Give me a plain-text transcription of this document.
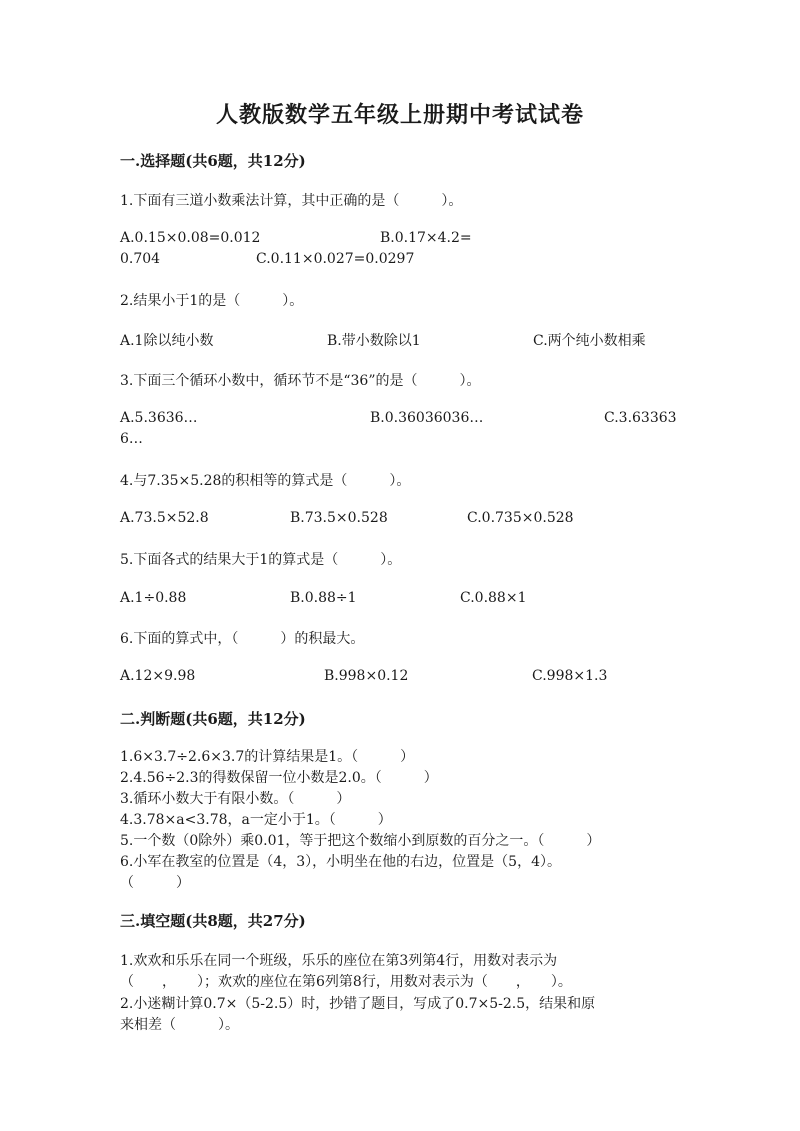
人教版数学五年级上册期中考试试卷
一.选择题(共6题，共12分)
1.下面有三道小数乘法计算，其中正确的是（　　　）。
A.0.15×0.08=0.012	B.0.17×4.2=
0.704	C.0.11×0.027=0.0297
2.结果小于1的是（　　　）。
A.1除以纯小数	B.带小数除以1	C.两个纯小数相乘
3.下面三个循环小数中，循环节不是“36”的是（　　　）。
A.5.3636…	B.0.36036036…	C.3.63363
6…
4.与7.35×5.28的积相等的算式是（　　　）。
A.73.5×52.8	B.73.5×0.528	C.0.735×0.528
5.下面各式的结果大于1的算式是（　　　）。
A.1÷0.88	B.0.88÷1	C.0.88×1
6.下面的算式中，（　　　）的积最大。
A.12×9.98	B.998×0.12	C.998×1.3
二.判断题(共6题，共12分)
1.6×3.7÷2.6×3.7的计算结果是1。（　　　）
2.4.56÷2.3的得数保留一位小数是2.0。（　　　）
3.循环小数大于有限小数。（　　　）
4.3.78×a<3.78，a一定小于1。（　　　）
5.一个数（0除外）乘0.01，等于把这个数缩小到原数的百分之一。（　　　）
6.小军在教室的位置是（4，3），小明坐在他的右边，位置是（5，4）。
（　　　）
三.填空题(共8题，共27分)
1.欢欢和乐乐在同一个班级，乐乐的座位在第3列第4行，用数对表示为
（　　，　　）；欢欢的座位在第6列第8行，用数对表示为（　　，　　）。
2.小迷糊计算0.7×（5-2.5）时，抄错了题目，写成了0.7×5-2.5，结果和原
来相差（　　　）。
